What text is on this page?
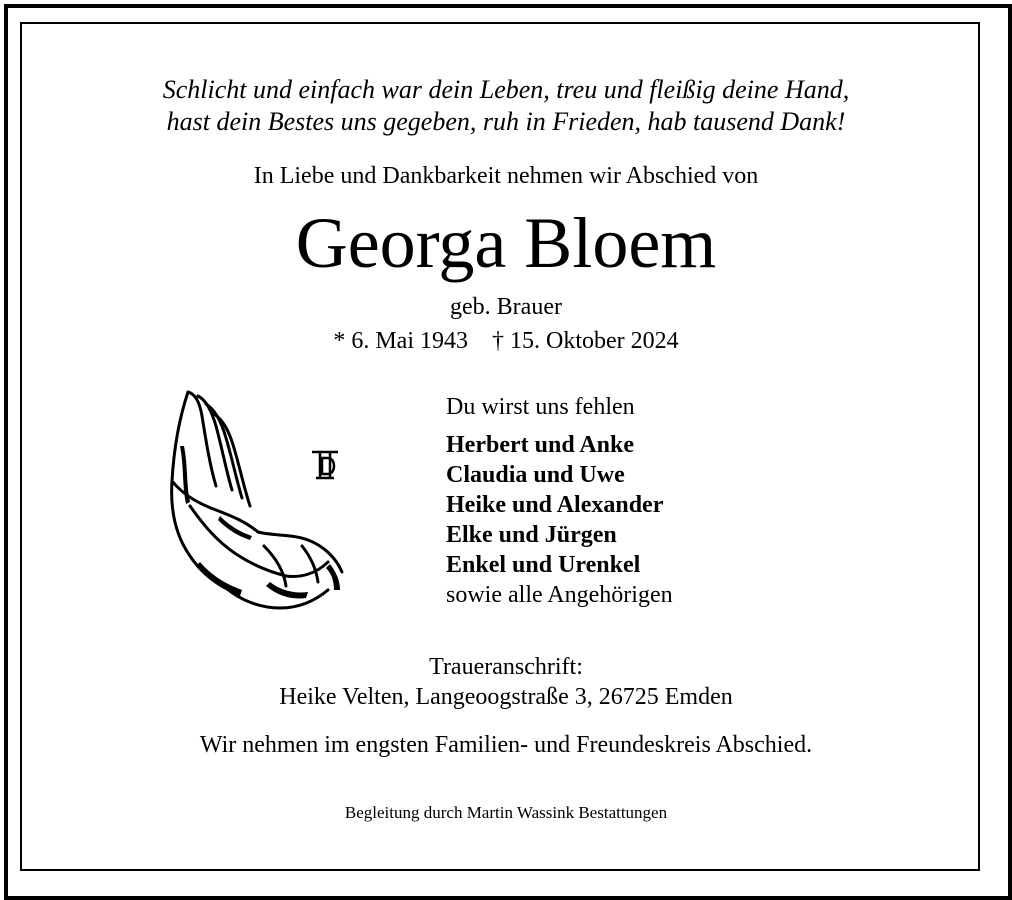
Schlicht und einfach war dein Leben, treu und fleißig deine Hand,
hast dein Bestes uns gegeben, ruh in Frieden, hab tausend Dank!
In Liebe und Dankbarkeit nehmen wir Abschied von
Georga Bloem
geb. Brauer
* 6. Mai 1943 † 15. Oktober 2024
Du wirst uns fehlen
Herbert und Anke
Claudia und Uwe
Heike und Alexander
Elke und Jürgen
Enkel und Urenkel
sowie alle Angehörigen
Traueranschrift:
Heike Velten, Langeoogstraße 3, 26725 Emden
Wir nehmen im engsten Familien- und Freundeskreis Abschied.
Begleitung durch Martin Wassink Bestattungen
